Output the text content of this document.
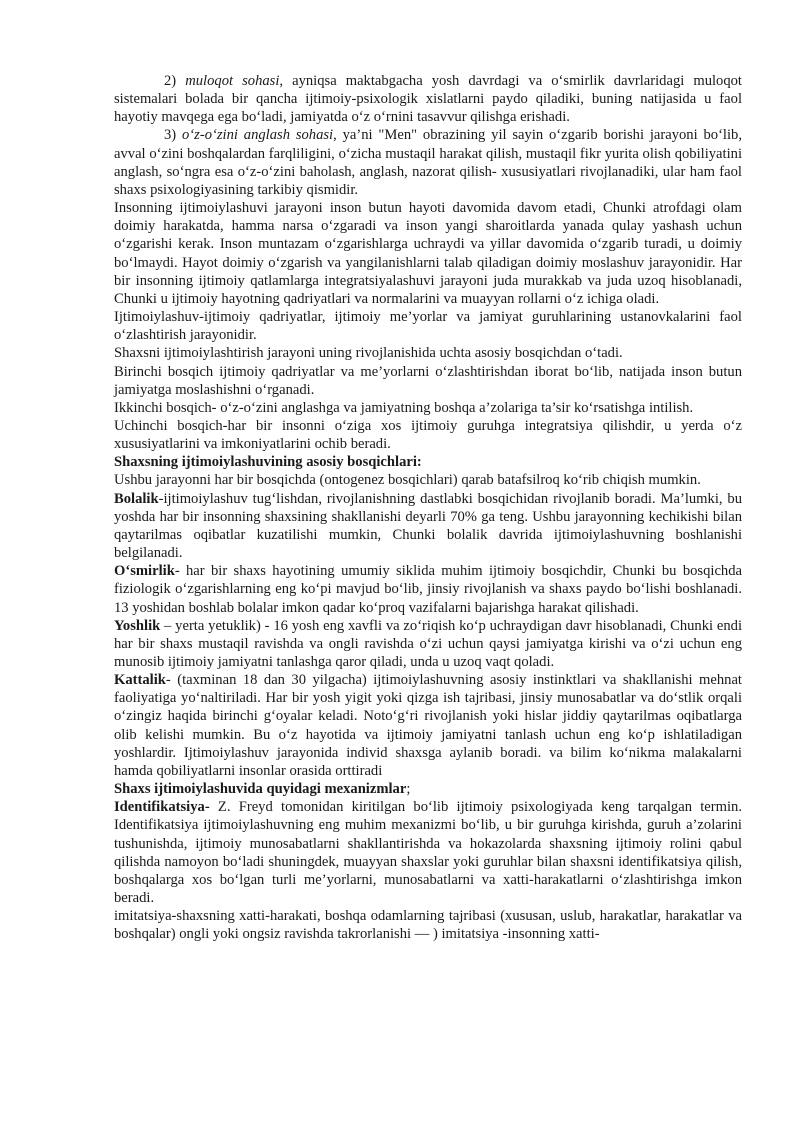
2) muloqot sohasi, ayniqsa maktabgacha yosh davrdagi va oʻsmirlik davrlaridagi muloqot sistemalari bolada bir qancha ijtimoiy-psixologik xislatlarni paydo qiladiki, buning natijasida u faol hayotiy mavqega ega boʻladi, jamiyatda oʻz oʻrnini tasavvur qilishga erishadi.

3) oʻz-oʻzini anglash sohasi, ya’ni "Men" obrazining yil sayin oʻzgarib borishi jarayoni boʻlib, avval oʻzini boshqalardan farqliligini, oʻzicha mustaqil harakat qilish, mustaqil fikr yurita olish qobiliyatini anglash, soʻngra esa oʻz-oʻzini baholash, anglash, nazorat qilish- xususiyatlari rivojlanadiki, ular ham faol shaxs psixologiyasining tarkibiy qismidir.

Insonning ijtimoiylashuvi jarayoni inson butun hayoti davomida davom etadi, Chunki atrofdagi olam doimiy harakatda, hamma narsa oʻzgaradi va inson yangi sharoitlarda yanada qulay yashash uchun oʻzgarishi kerak. Inson muntazam oʻzgarishlarga uchraydi va yillar davomida oʻzgarib turadi, u doimiy boʻlmaydi. Hayot doimiy oʻzgarish va yangilanishlarni talab qiladigan doimiy moslashuv jarayonidir. Har bir insonning ijtimoiy qatlamlarga integratsiyalashuvi jarayoni juda murakkab va juda uzoq hisoblanadi, Chunki u ijtimoiy hayotning qadriyatlari va normalarini va muayyan rollarni oʻz ichiga oladi.

Ijtimoiylashuv-ijtimoiy qadriyatlar, ijtimoiy me’yorlar va jamiyat guruhlarining ustanovkalarini faol oʻzlashtirish jarayonidir.

Shaxsni ijtimoiylashtirish jarayoni uning rivojlanishida uchta asosiy bosqichdan oʻtadi.

Birinchi bosqich ijtimoiy qadriyatlar va me’yorlarni oʻzlashtirishdan iborat boʻlib, natijada inson butun jamiyatga moslashishni oʻrganadi.

Ikkinchi bosqich- oʻz-oʻzini anglashga va jamiyatning boshqa a’zolariga ta’sir koʻrsatishga intilish.

Uchinchi bosqich-har bir insonni oʻziga xos ijtimoiy guruhga integratsiya qilishdir, u yerda oʻz xususiyatlarini va imkoniyatlarini ochib beradi.

Shaxsning ijtimoiylashuvining asosiy bosqichlari:

Ushbu jarayonni har bir bosqichda (ontogenez bosqichlari) qarab batafsilroq koʻrib chiqish mumkin.

Bolalik-ijtimoiylashuv tugʻlishdan, rivojlanishning dastlabki bosqichidan rivojlanib boradi. Ma’lumki, bu yoshda har bir insonning shaxsining shakllanishi deyarli 70% ga teng. Ushbu jarayonning kechikishi bilan qaytarilmas oqibatlar kuzatilishi mumkin, Chunki bolalik davrida ijtimoiylashuvning boshlanishi belgilanadi.

Oʻsmirlik- har bir shaxs hayotining umumiy siklida muhim ijtimoiy bosqichdir, Chunki bu bosqichda fiziologik oʻzgarishlarning eng koʻpi mavjud boʻlib, jinsiy rivojlanish va shaxs paydo boʻlishi boshlanadi. 13 yoshidan boshlab bolalar imkon qadar koʻproq vazifalarni bajarishga harakat qilishadi.

Yoshlik – yerta yetuklik) - 16 yosh eng xavfli va zoʻriqish koʻp uchraydigan davr hisoblanadi, Chunki endi har bir shaxs mustaqil ravishda va ongli ravishda oʻzi uchun qaysi jamiyatga kirishi va oʻzi uchun eng munosib ijtimoiy jamiyatni tanlashga qaror qiladi, unda u uzoq vaqt qoladi.

Kattalik- (taxminan 18 dan 30 yilgacha) ijtimoiylashuvning asosiy instinktlari va shakllanishi mehnat faoliyatiga yoʻnaltiriladi. Har bir yosh yigit yoki qizga ish tajribasi, jinsiy munosabatlar va doʻstlik orqali oʻzingiz haqida birinchi gʻoyalar keladi. Notoʻgʻri rivojlanish yoki hislar jiddiy qaytarilmas oqibatlarga olib kelishi mumkin. Bu oʻz hayotida va ijtimoiy jamiyatni tanlash uchun eng koʻp ishlatiladigan yoshlardir. Ijtimoiylashuv jarayonida individ shaxsga aylanib boradi. va bilim koʻnikma malakalarni hamda qobiliyatlarni insonlar orasida orttiradi

Shaxs ijtimoiylashuvida quyidagi mexanizmlar;

Identifikatsiya- Z. Freyd tomonidan kiritilgan boʻlib ijtimoiy psixologiyada keng tarqalgan termin. Identifikatsiya ijtimoiylashuvning eng muhim mexanizmi boʻlib, u bir guruhga kirishda, guruh a’zolarini tushunishda, ijtimoiy munosabatlarni shakllantirishda va hokazolarda shaxsning ijtimoiy rolini qabul qilishda namoyon boʻladi shuningdek, muayyan shaxslar yoki guruhlar bilan shaxsni identifikatsiya qilish, boshqalarga xos boʻlgan turli me’yorlarni, munosabatlarni va xatti-harakatlarni oʻzlashtirishga imkon beradi.

imitatsiya-shaxsning xatti-harakati, boshqa odamlarning tajribasi (xususan, uslub, harakatlar, harakatlar va boshqalar) ongli yoki ongsiz ravishda takrorlanishi — ) imitatsiya -insonning xatti-
